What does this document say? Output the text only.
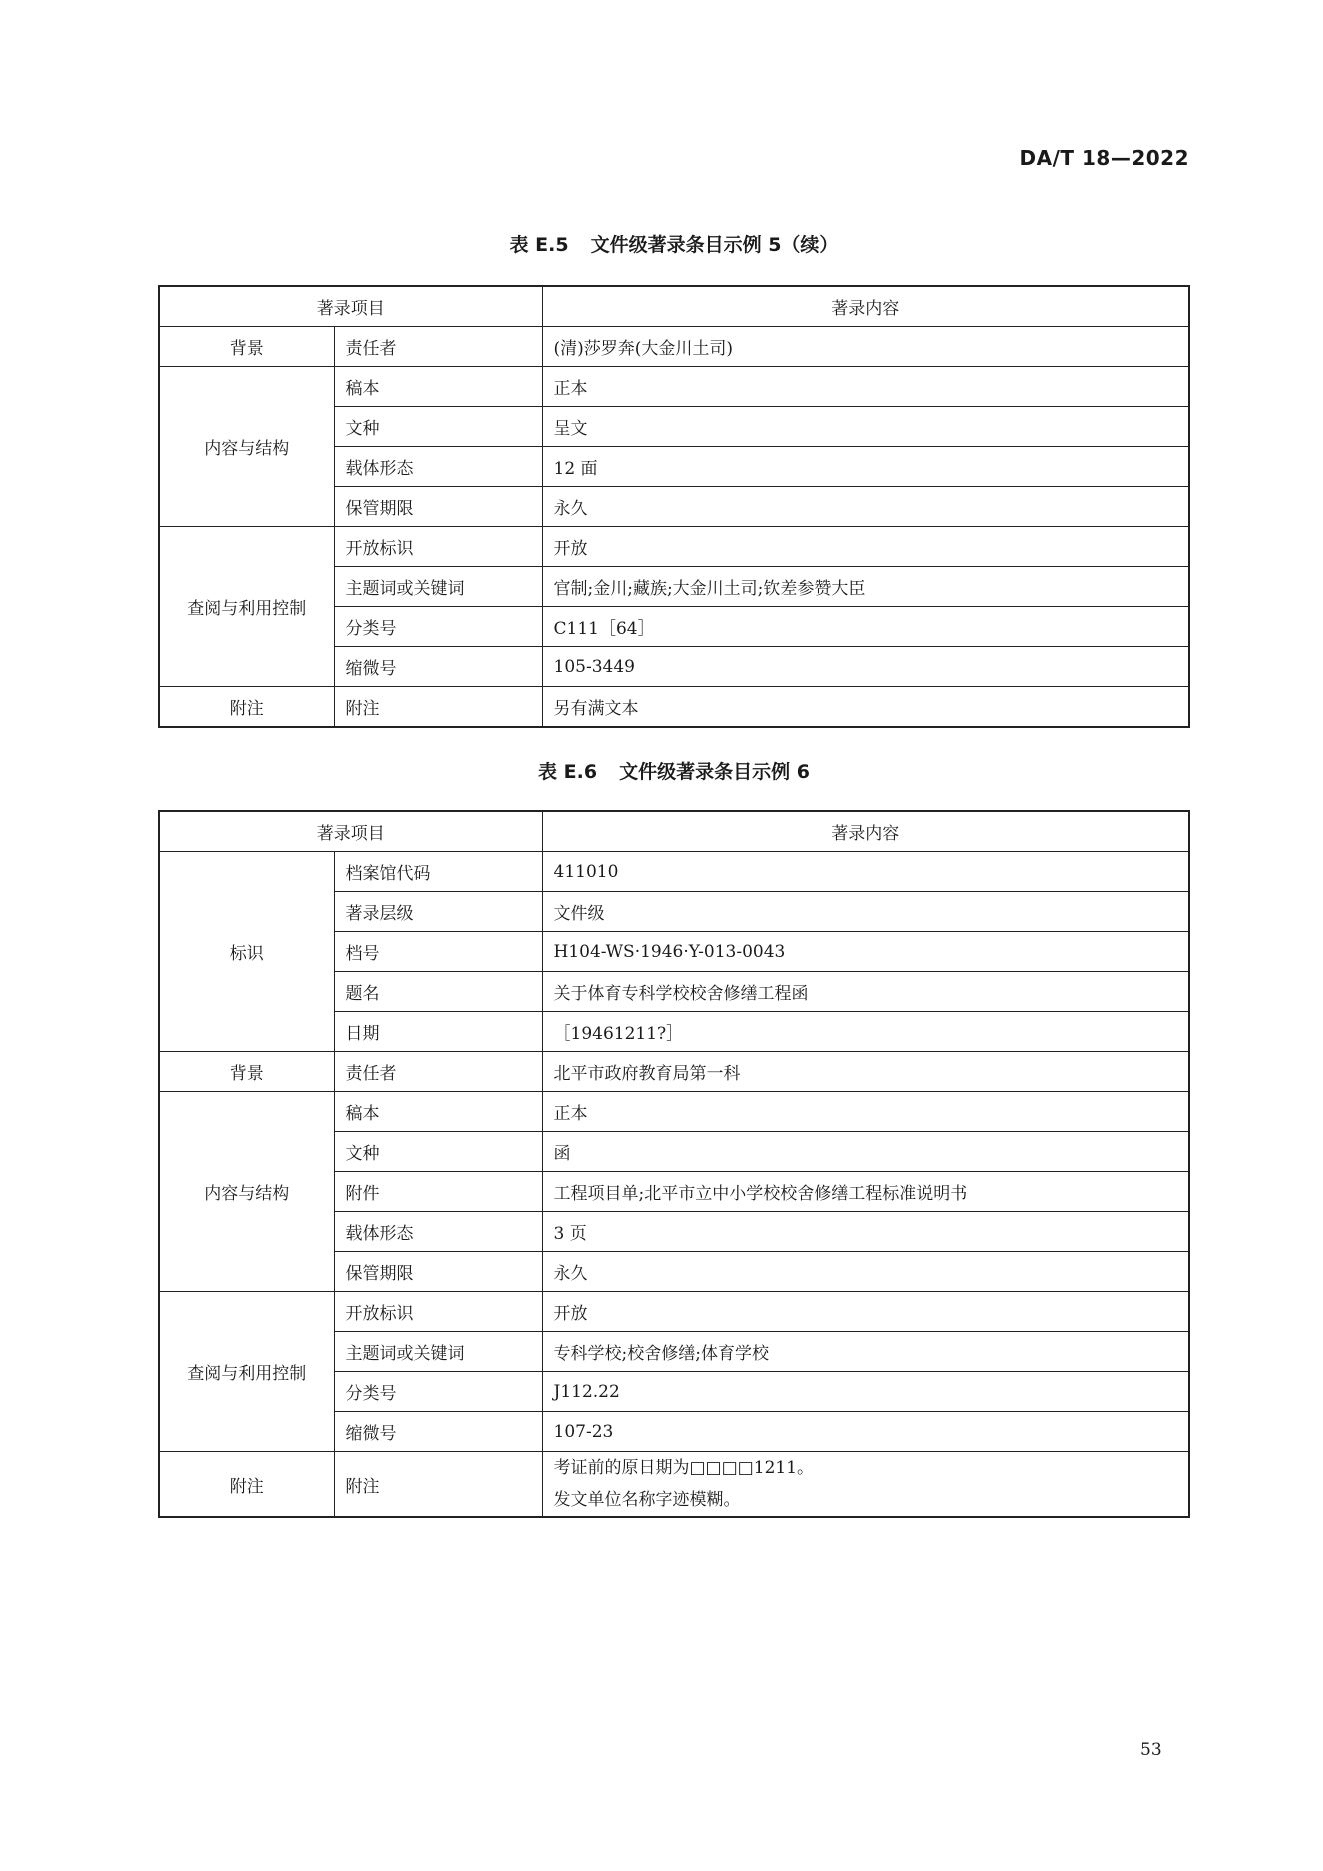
DA/T 18—2022
表 E.5 文件级著录条目示例 5（续）
著录项目		著录内容
背景	责任者	(清)莎罗奔(大金川土司)
内容与结构	稿本	正本
	文种	呈文
	载体形态	12 面
	保管期限	永久
查阅与利用控制	开放标识	开放
	主题词或关键词	官制;金川;藏族;大金川土司;钦差参赞大臣
	分类号	C111［64］
	缩微号	105-3449
附注	附注	另有满文本
表 E.6 文件级著录条目示例 6
著录项目		著录内容
标识	档案馆代码	411010
	著录层级	文件级
	档号	H104-WS·1946·Y-013-0043
	题名	关于体育专科学校校舍修缮工程函
	日期	［19461211?］
背景	责任者	北平市政府教育局第一科
内容与结构	稿本	正本
	文种	函
	附件	工程项目单;北平市立中小学校校舍修缮工程标准说明书
	载体形态	3 页
	保管期限	永久
查阅与利用控制	开放标识	开放
	主题词或关键词	专科学校;校舍修缮;体育学校
	分类号	J112.22
	缩微号	107-23
附注	附注	考证前的原日期为□□□□1211。
发文单位名称字迹模糊。
53
